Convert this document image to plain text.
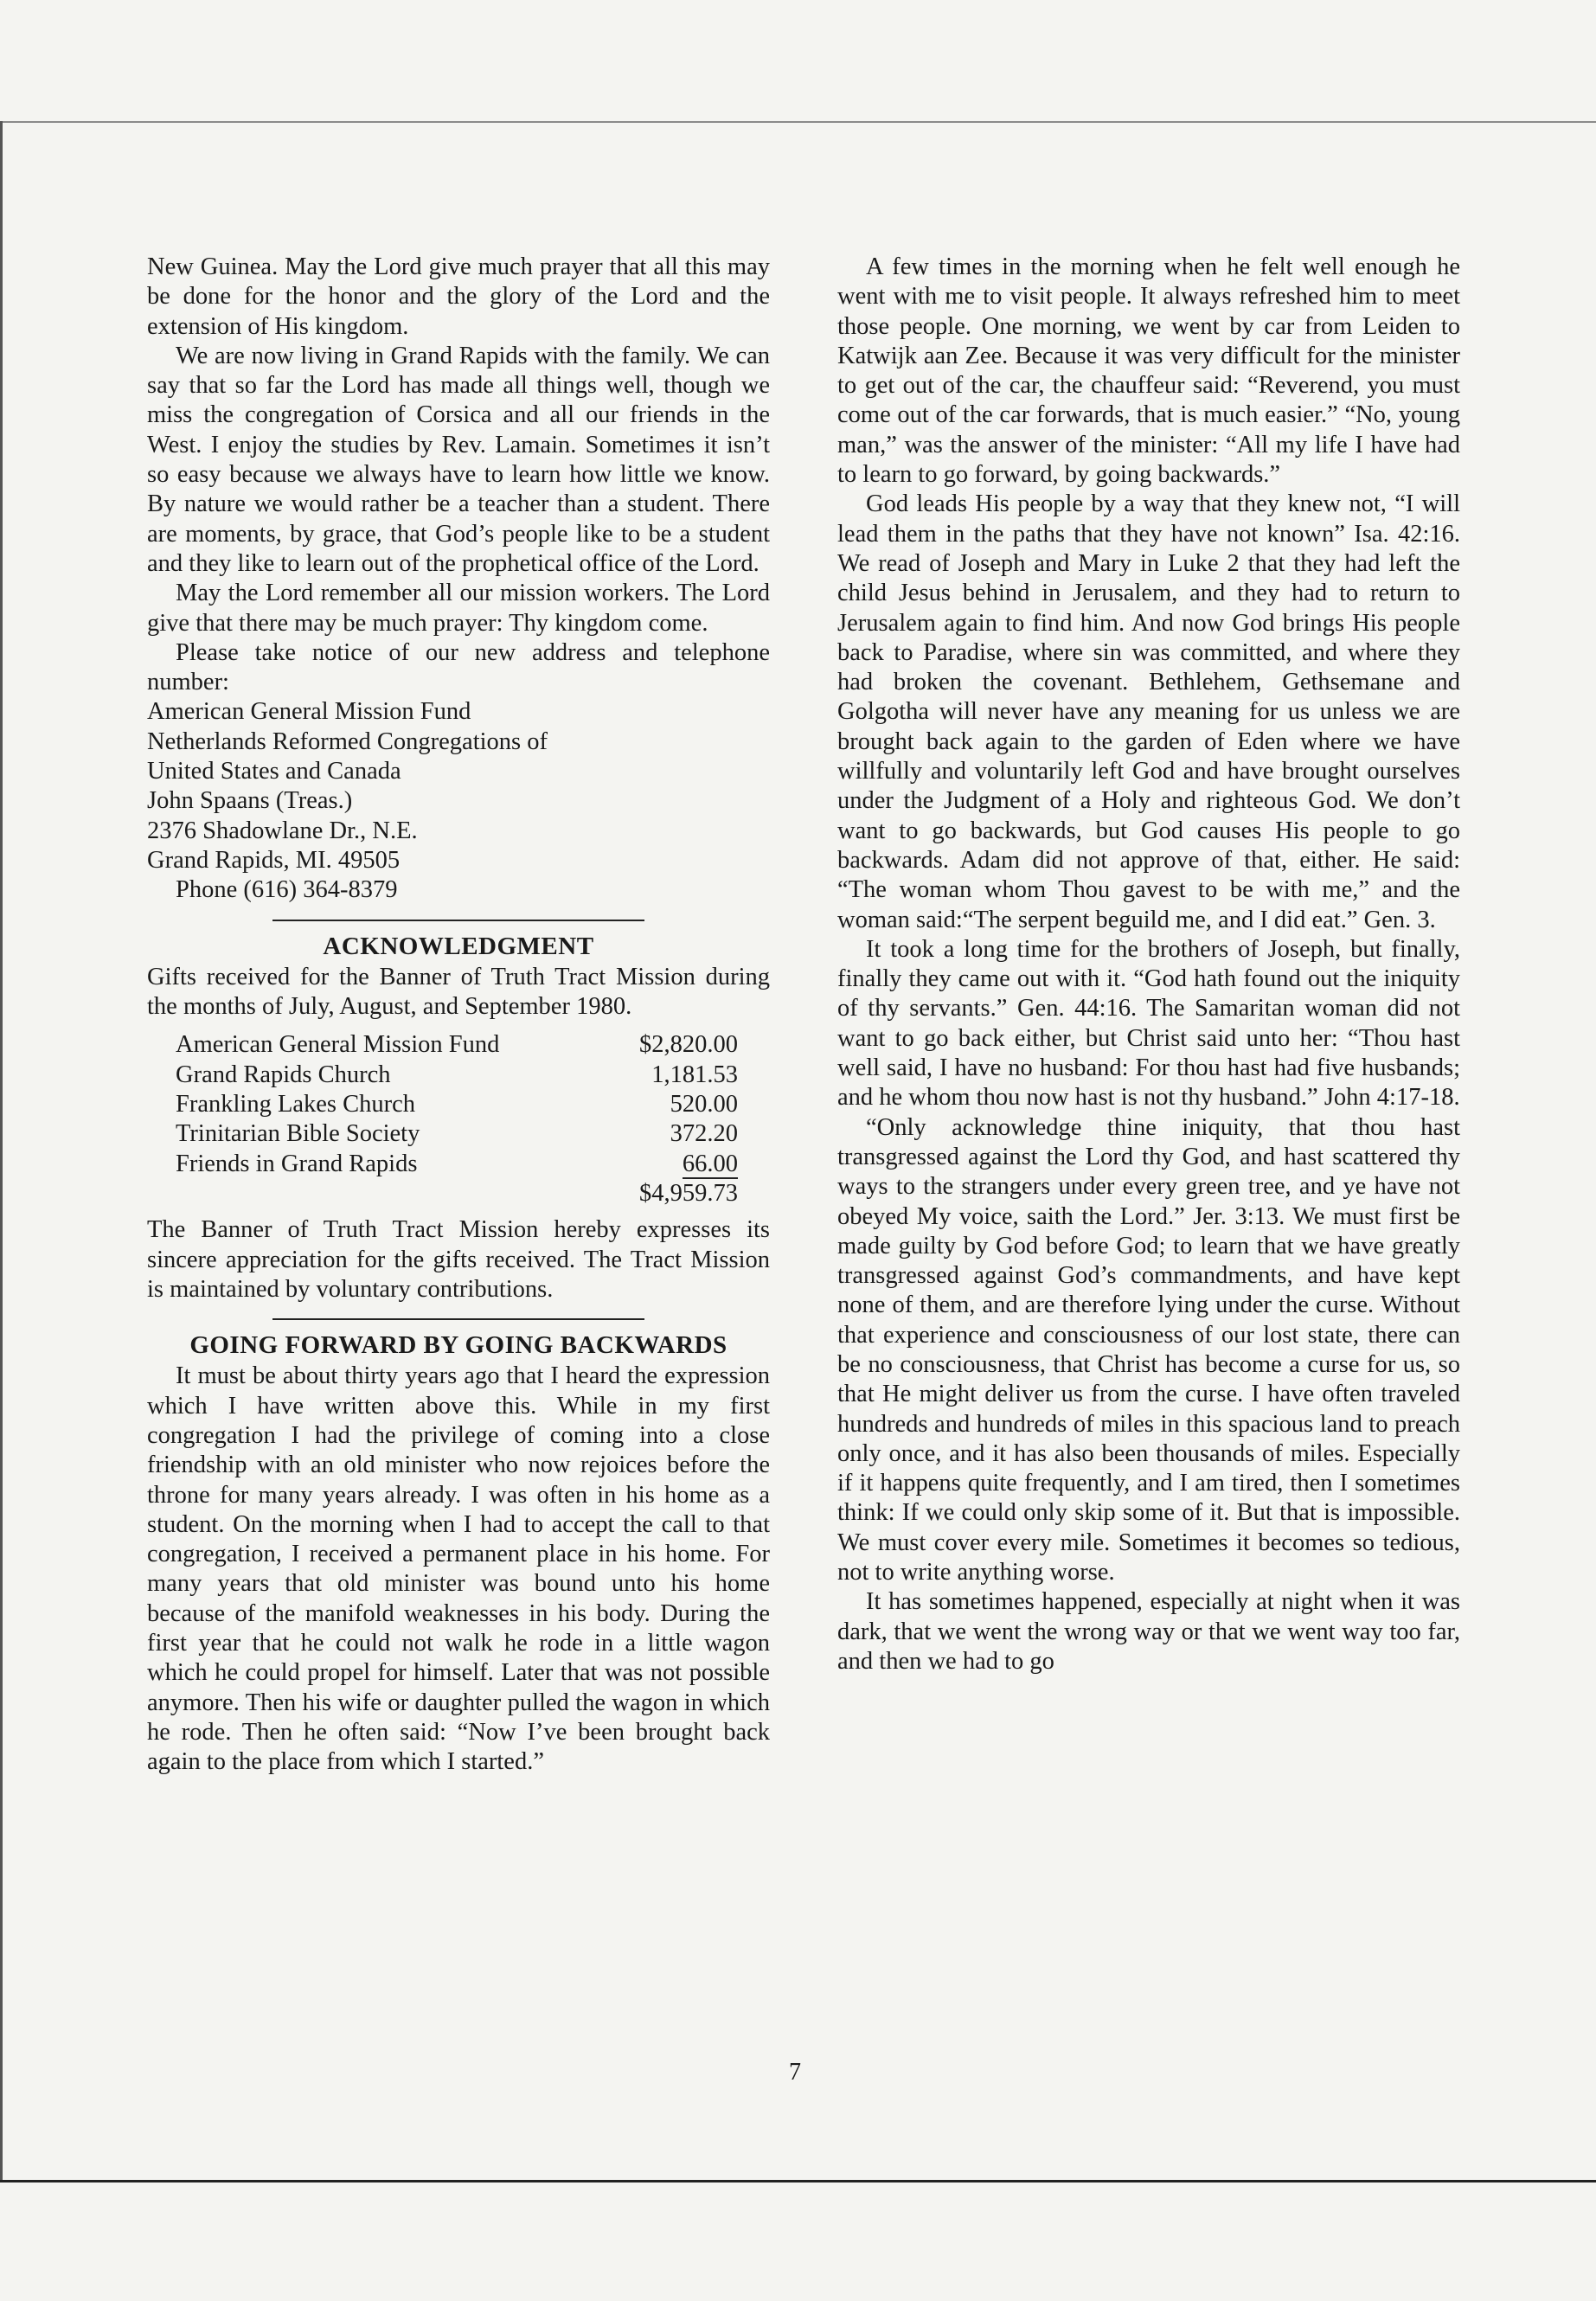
New Guinea. May the Lord give much prayer that all this may be done for the honor and the glory of the Lord and the extension of His kingdom.

We are now living in Grand Rapids with the family. We can say that so far the Lord has made all things well, though we miss the congregation of Corsica and all our friends in the West. I enjoy the studies by Rev. Lamain. Sometimes it isn’t so easy because we always have to learn how little we know. By nature we would rather be a teacher than a student. There are moments, by grace, that God’s people like to be a student and they like to learn out of the prophetical office of the Lord.

May the Lord remember all our mission workers. The Lord give that there may be much prayer: Thy kingdom come.

Please take notice of our new address and telephone number:

American General Mission Fund
Netherlands Reformed Congregations of
United States and Canada
John Spaans (Treas.)
2376 Shadowlane Dr., N.E.
Grand Rapids, MI. 49505
Phone (616) 364-8379
ACKNOWLEDGMENT

Gifts received for the Banner of Truth Tract Mission during the months of July, August, and September 1980.

American General Mission Fund	$2,820.00
Grand Rapids Church	1,181.53
Frankling Lakes Church	520.00
Trinitarian Bible Society	372.20
Friends in Grand Rapids	66.00
	$4,959.73

The Banner of Truth Tract Mission hereby expresses its sincere appreciation for the gifts received. The Tract Mission is maintained by voluntary contributions.

GOING FORWARD BY GOING BACKWARDS

It must be about thirty years ago that I heard the expression which I have written above this. While in my first congregation I had the privilege of coming into a close friendship with an old minister who now rejoices before the throne for many years already. I was often in his home as a student. On the morning when I had to accept the call to that congregation, I received a permanent place in his home. For many years that old minister was bound unto his home because of the manifold weaknesses in his body. During the first year that he could not walk he rode in a little wagon which he could propel for himself. Later that was not possible anymore. Then his wife or daughter pulled the wagon in which he rode. Then he often said: “Now I’ve been brought back again to the place from which I started.”

A few times in the morning when he felt well enough he went with me to visit people. It always refreshed him to meet those people. One morning, we went by car from Leiden to Katwijk aan Zee. Because it was very difficult for the minister to get out of the car, the chauffeur said: “Reverend, you must come out of the car forwards, that is much easier.” “No, young man,” was the answer of the minister: “All my life I have had to learn to go forward, by going backwards.”

God leads His people by a way that they knew not, “I will lead them in the paths that they have not known” Isa. 42:16. We read of Joseph and Mary in Luke 2 that they had left the child Jesus behind in Jerusalem, and they had to return to Jerusalem again to find him. And now God brings His people back to Paradise, where sin was committed, and where they had broken the covenant. Bethlehem, Gethsemane and Golgotha will never have any meaning for us unless we are brought back again to the garden of Eden where we have willfully and voluntarily left God and have brought ourselves under the Judgment of a Holy and righteous God. We don’t want to go backwards, but God causes His people to go backwards. Adam did not approve of that, either. He said: “The woman whom Thou gavest to be with me,” and the woman said:“The serpent beguild me, and I did eat.” Gen. 3.

It took a long time for the brothers of Joseph, but finally, finally they came out with it. “God hath found out the iniquity of thy servants.” Gen. 44:16. The Samaritan woman did not want to go back either, but Christ said unto her: “Thou hast well said, I have no husband: For thou hast had five husbands; and he whom thou now hast is not thy husband.” John 4:17-18.

“Only acknowledge thine iniquity, that thou hast transgressed against the Lord thy God, and hast scattered thy ways to the strangers under every green tree, and ye have not obeyed My voice, saith the Lord.” Jer. 3:13. We must first be made guilty by God before God; to learn that we have greatly transgressed against God’s commandments, and have kept none of them, and are therefore lying under the curse. Without that experience and consciousness of our lost state, there can be no consciousness, that Christ has become a curse for us, so that He might deliver us from the curse. I have often traveled hundreds and hundreds of miles in this spacious land to preach only once, and it has also been thousands of miles. Especially if it happens quite frequently, and I am tired, then I sometimes think: If we could only skip some of it. But that is impossible. We must cover every mile. Sometimes it becomes so tedious, not to write anything worse.

It has sometimes happened, especially at night when it was dark, that we went the wrong way or that we went way too far, and then we had to go

7
